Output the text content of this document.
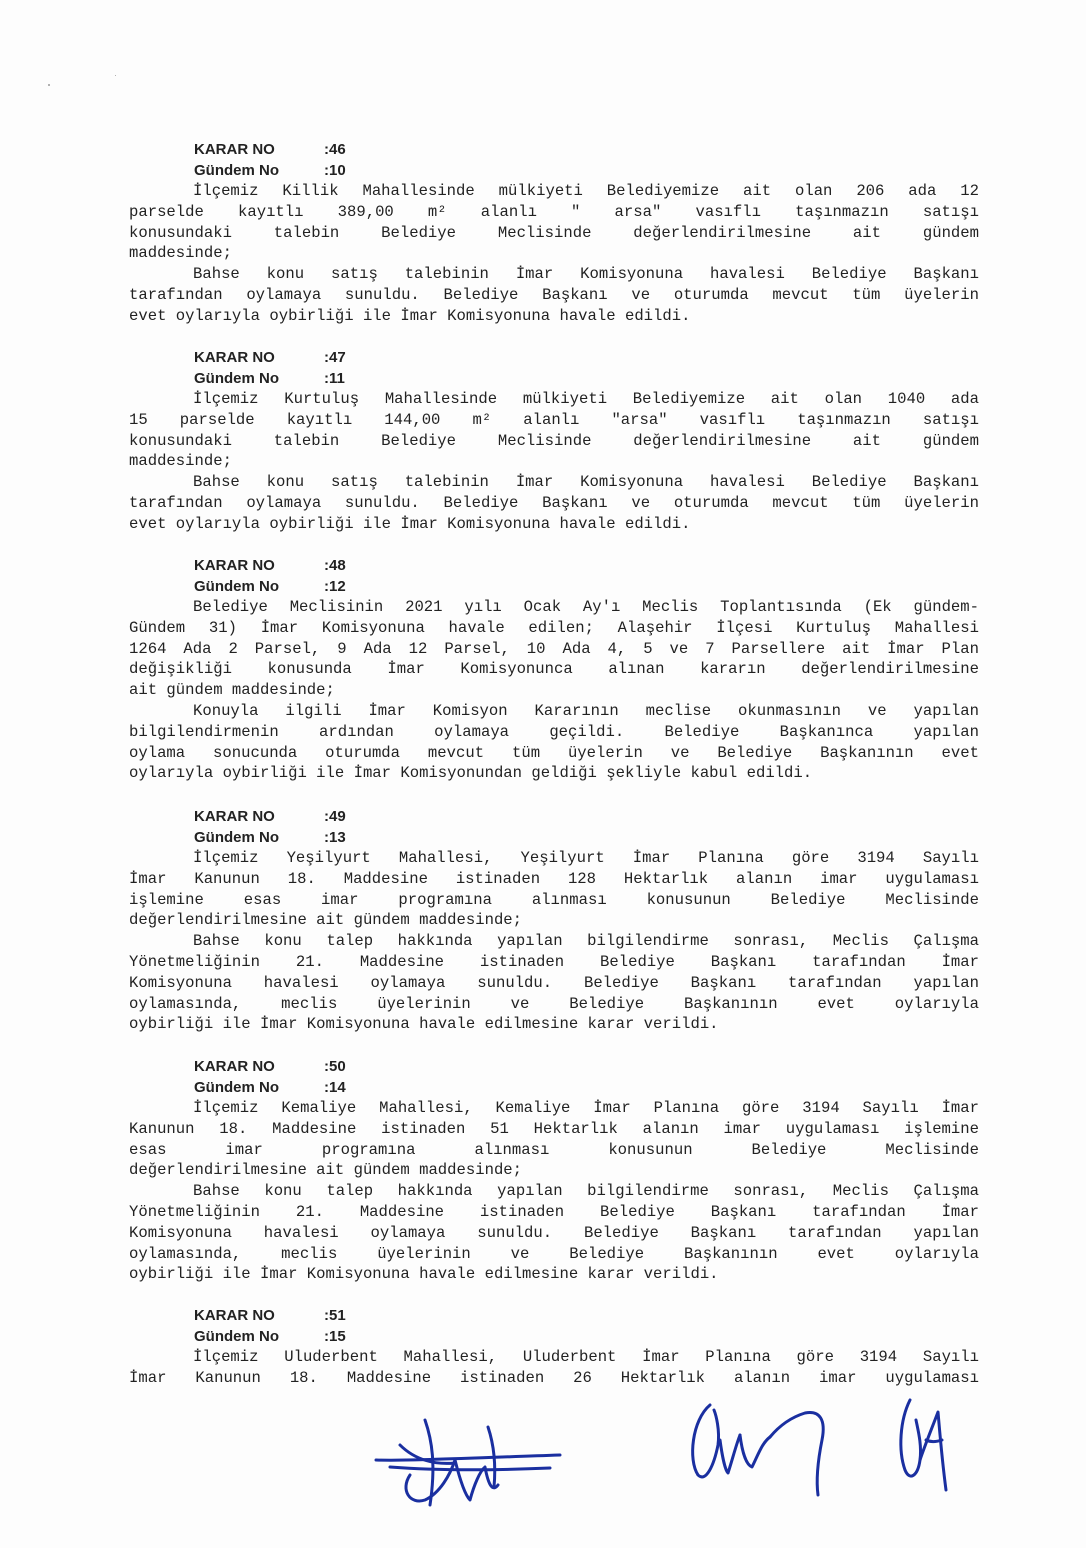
KARAR NO	:46
Gündem No	:10
İlçemiz Killik Mahallesinde mülkiyeti Belediyemize ait olan 206 ada 12
parselde kayıtlı 389,00 m² alanlı " arsa" vasıflı taşınmazın satışı
konusundaki talebin Belediye Meclisinde değerlendirilmesine ait gündem
maddesinde;
Bahse konu satış talebinin İmar Komisyonuna havalesi Belediye Başkanı
tarafından oylamaya sunuldu. Belediye Başkanı ve oturumda mevcut tüm üyelerin
evet oylarıyla oybirliği ile İmar Komisyonuna havale edildi.
KARAR NO	:47
Gündem No	:11
İlçemiz Kurtuluş Mahallesinde mülkiyeti Belediyemize ait olan 1040 ada
15 parselde kayıtlı 144,00 m² alanlı "arsa" vasıflı taşınmazın satışı
konusundaki talebin Belediye Meclisinde değerlendirilmesine ait gündem
maddesinde;
Bahse konu satış talebinin İmar Komisyonuna havalesi Belediye Başkanı
tarafından oylamaya sunuldu. Belediye Başkanı ve oturumda mevcut tüm üyelerin
evet oylarıyla oybirliği ile İmar Komisyonuna havale edildi.
KARAR NO	:48
Gündem No	:12
Belediye Meclisinin 2021 yılı Ocak Ay'ı Meclis Toplantısında (Ek gündem-
Gündem 31) İmar Komisyonuna havale edilen; Alaşehir İlçesi Kurtuluş Mahallesi
1264 Ada 2 Parsel, 9 Ada 12 Parsel, 10 Ada 4, 5 ve 7 Parsellere ait İmar Plan
değişikliği konusunda İmar Komisyonunca alınan kararın değerlendirilmesine
ait gündem maddesinde;
Konuyla ilgili İmar Komisyon Kararının meclise okunmasının ve yapılan
bilgilendirmenin ardından oylamaya geçildi. Belediye Başkanınca yapılan
oylama sonucunda oturumda mevcut tüm üyelerin ve Belediye Başkanının evet
oylarıyla oybirliği ile İmar Komisyonundan geldiği şekliyle kabul edildi.
KARAR NO	:49
Gündem No	:13
İlçemiz Yeşilyurt Mahallesi, Yeşilyurt İmar Planına göre 3194 Sayılı
İmar Kanunun 18. Maddesine istinaden 128 Hektarlık alanın imar uygulaması
işlemine esas imar programına alınması konusunun Belediye Meclisinde
değerlendirilmesine ait gündem maddesinde;
Bahse konu talep hakkında yapılan bilgilendirme sonrası, Meclis Çalışma
Yönetmeliğinin 21. Maddesine istinaden Belediye Başkanı tarafından İmar
Komisyonuna havalesi oylamaya sunuldu. Belediye Başkanı tarafından yapılan
oylamasında, meclis üyelerinin ve Belediye Başkanının evet oylarıyla
oybirliği ile İmar Komisyonuna havale edilmesine karar verildi.
KARAR NO	:50
Gündem No	:14
İlçemiz Kemaliye Mahallesi, Kemaliye İmar Planına göre 3194 Sayılı İmar
Kanunun 18. Maddesine istinaden 51 Hektarlık alanın imar uygulaması işlemine
esas imar programına alınması konusunun Belediye Meclisinde
değerlendirilmesine ait gündem maddesinde;
Bahse konu talep hakkında yapılan bilgilendirme sonrası, Meclis Çalışma
Yönetmeliğinin 21. Maddesine istinaden Belediye Başkanı tarafından İmar
Komisyonuna havalesi oylamaya sunuldu. Belediye Başkanı tarafından yapılan
oylamasında, meclis üyelerinin ve Belediye Başkanının evet oylarıyla
oybirliği ile İmar Komisyonuna havale edilmesine karar verildi.
KARAR NO	:51
Gündem No	:15
İlçemiz Uluderbent Mahallesi, Uluderbent İmar Planına göre 3194 Sayılı
İmar Kanunun 18. Maddesine istinaden 26 Hektarlık alanın imar uygulaması
